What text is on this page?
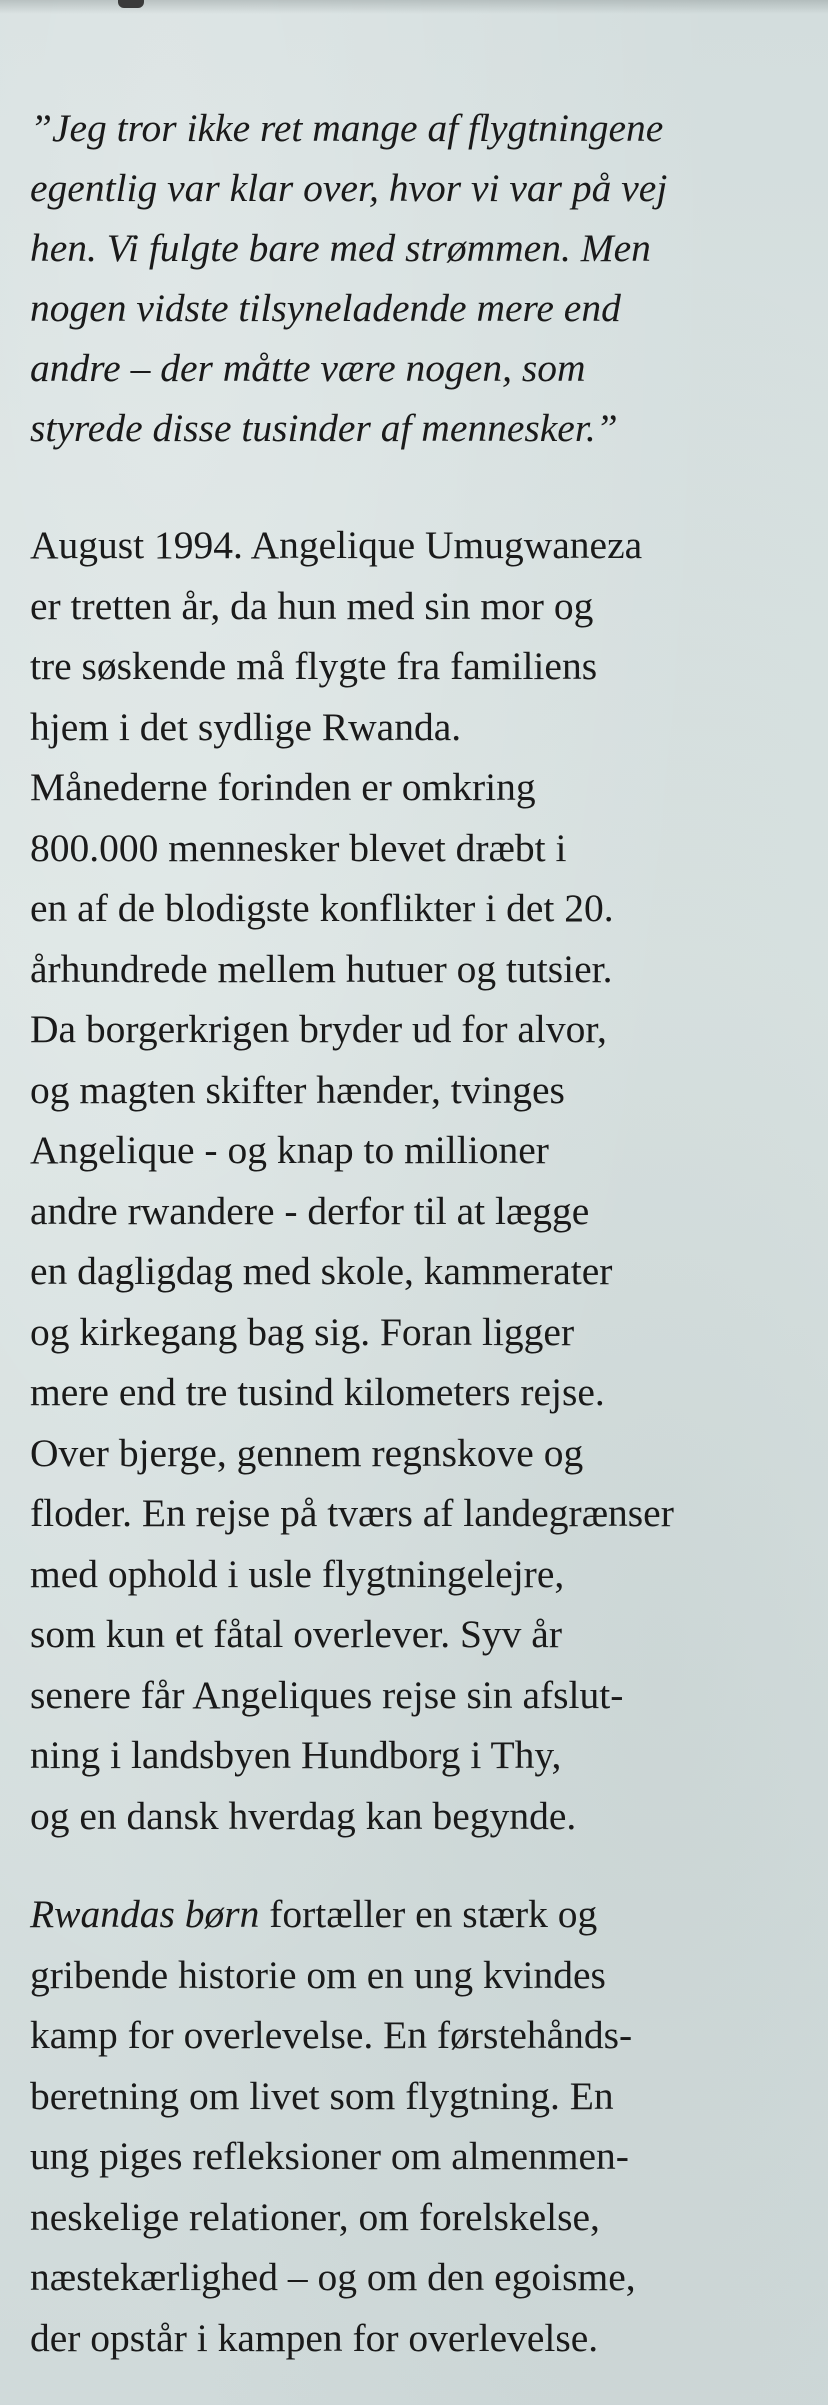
”Jeg tror ikke ret mange af flygtningene
egentlig var klar over, hvor vi var på vej
hen. Vi fulgte bare med strømmen. Men
nogen vidste tilsyneladende mere end
andre – der måtte være nogen, som
styrede disse tusinder af mennesker.”

August 1994. Angelique Umugwaneza
er tretten år, da hun med sin mor og
tre søskende må flygte fra familiens
hjem i det sydlige Rwanda.
Månederne forinden er omkring
800.000 mennesker blevet dræbt i
en af de blodigste konflikter i det 20.
århundrede mellem hutuer og tutsier.
Da borgerkrigen bryder ud for alvor,
og magten skifter hænder, tvinges
Angelique - og knap to millioner
andre rwandere - derfor til at lægge
en dagligdag med skole, kammerater
og kirkegang bag sig. Foran ligger
mere end tre tusind kilometers rejse.
Over bjerge, gennem regnskove og
floder. En rejse på tværs af landegrænser
med ophold i usle flygtningelejre,
som kun et fåtal overlever. Syv år
senere får Angeliques rejse sin afslut-
ning i landsbyen Hundborg i Thy,
og en dansk hverdag kan begynde.

Rwandas børn fortæller en stærk og
gribende historie om en ung kvindes
kamp for overlevelse. En førstehånds-
beretning om livet som flygtning. En
ung piges refleksioner om almenmen-
neskelige relationer, om forelskelse,
næstekærlighed – og om den egoisme,
der opstår i kampen for overlevelse.
